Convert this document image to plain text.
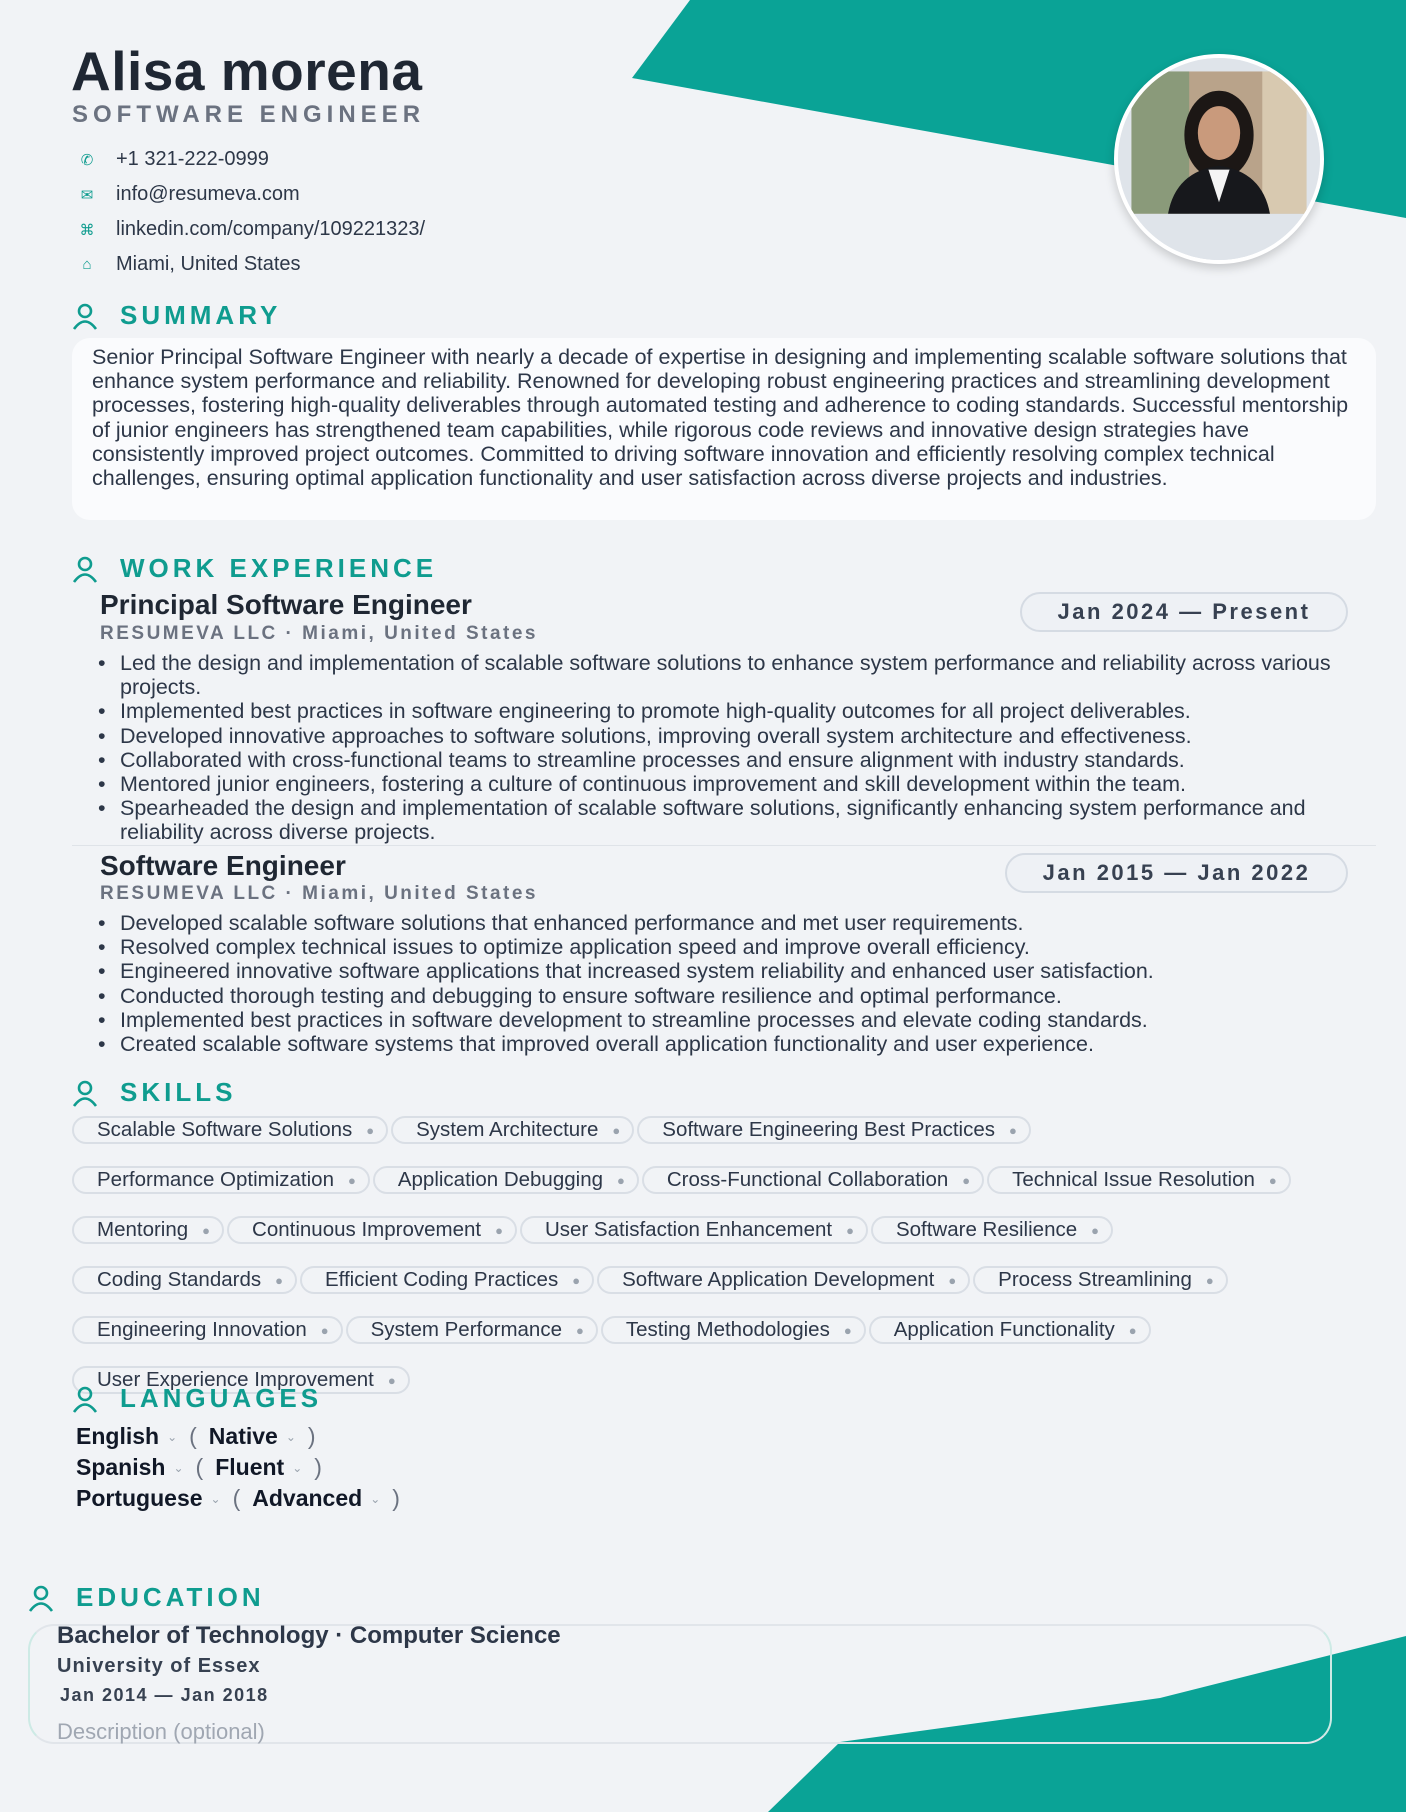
Alisa morena
SOFTWARE ENGINEER
✆ +1 321-222-0999
✉ info@resumeva.com
⌘ linkedin.com/company/109221323/
⌂ Miami, United States
SUMMARY
Senior Principal Software Engineer with nearly a decade of expertise in designing and implementing scalable software solutions that enhance system performance and reliability. Renowned for developing robust engineering practices and streamlining development processes, fostering high-quality deliverables through automated testing and adherence to coding standards. Successful mentorship of junior engineers has strengthened team capabilities, while rigorous code reviews and innovative design strategies have consistently improved project outcomes. Committed to driving software innovation and efficiently resolving complex technical challenges, ensuring optimal application functionality and user satisfaction across diverse projects and industries.
WORK EXPERIENCE
Principal Software Engineer
RESUMEVA LLC · Miami, United States
Jan 2024 — Present
• Led the design and implementation of scalable software solutions to enhance system performance and reliability across various projects.
• Implemented best practices in software engineering to promote high-quality outcomes for all project deliverables.
• Developed innovative approaches to software solutions, improving overall system architecture and effectiveness.
• Collaborated with cross-functional teams to streamline processes and ensure alignment with industry standards.
• Mentored junior engineers, fostering a culture of continuous improvement and skill development within the team.
• Spearheaded the design and implementation of scalable software solutions, significantly enhancing system performance and reliability across diverse projects.
Software Engineer
RESUMEVA LLC · Miami, United States
Jan 2015 — Jan 2022
• Developed scalable software solutions that enhanced performance and met user requirements.
• Resolved complex technical issues to optimize application speed and improve overall efficiency.
• Engineered innovative software applications that increased system reliability and enhanced user satisfaction.
• Conducted thorough testing and debugging to ensure software resilience and optimal performance.
• Implemented best practices in software development to streamline processes and elevate coding standards.
• Created scalable software systems that improved overall application functionality and user experience.
SKILLS
Scalable Software Solutions ● System Architecture ● Software Engineering Best Practices ●
Performance Optimization ● Application Debugging ● Cross-Functional Collaboration ● Technical Issue Resolution ●
Mentoring ● Continuous Improvement ● User Satisfaction Enhancement ● Software Resilience ●
Coding Standards ● Efficient Coding Practices ● Software Application Development ● Process Streamlining ●
Engineering Innovation ● System Performance ● Testing Methodologies ● Application Functionality ●
User Experience Improvement ●
LANGUAGES
English ⌄ ( Native ⌄ )
Spanish ⌄ ( Fluent ⌄ )
Portuguese ⌄ ( Advanced ⌄ )
EDUCATION
Bachelor of Technology · Computer Science
University of Essex
Jan 2014 — Jan 2018
Description (optional)
